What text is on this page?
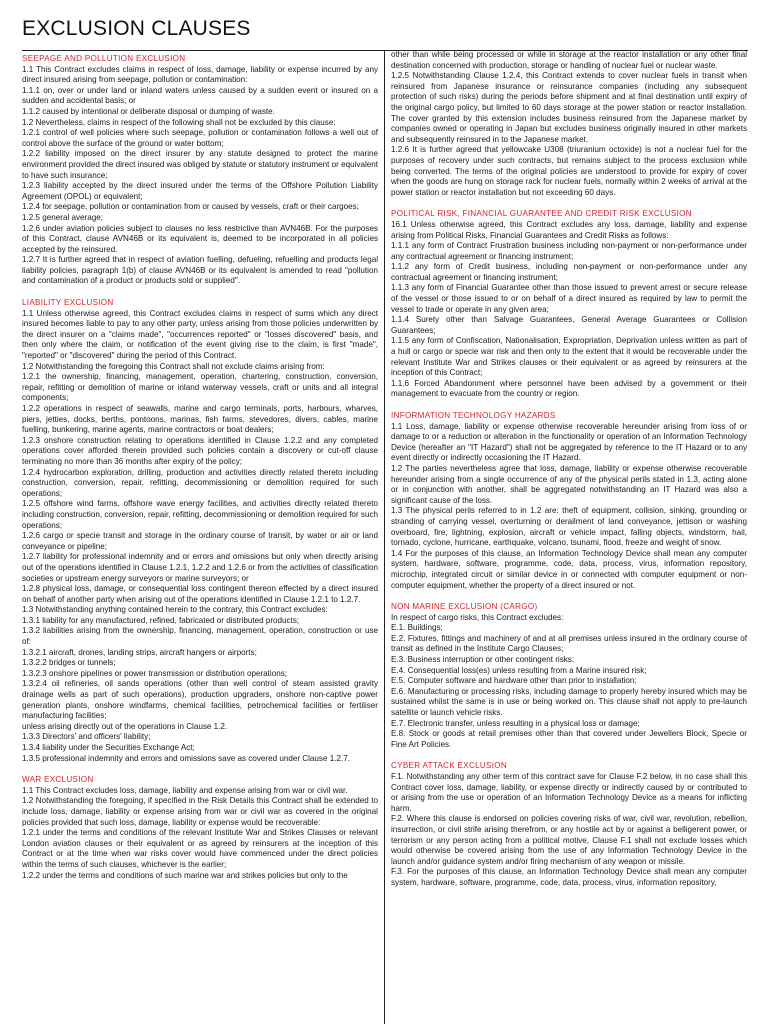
EXCLUSION CLAUSES
SEEPAGE AND POLLUTION EXCLUSION
1.1 This Contract excludes claims in respect of loss, damage, liability or expense incurred by any direct insured arising from seepage, pollution or contamination:
1.1.1 on, over or under land or inland waters unless caused by a sudden event or insured on a sudden and accidental basis; or
1.1.2 caused by intentional or deliberate disposal or dumping of waste.
1.2 Nevertheless, claims in respect of the following shall not be excluded by this clause:
1.2.1 control of well policies where such seepage, pollution or contamination follows a well out of control above the surface of the ground or water bottom;
1.2.2 liability imposed on the direct insurer by any statute designed to protect the marine environment provided the direct insured was obliged by statute or statutory instrument or equivalent to have such insurance;
1.2.3 liability accepted by the direct insured under the terms of the Offshore Pollution Liability Agreement (OPOL) or equivalent;
1.2.4 for seepage, pollution or contamination from or caused by vessels, craft or their cargoes;
1.2.5 general average;
1.2.6 under aviation policies subject to clauses no less restrictive than AVN46B. For the purposes of this Contract, clause AVN46B or its equivalent is, deemed to be incorporated in all policies accepted by the reinsured.
1.2.7 It is further agreed that in respect of aviation fuelling, defueling, refuelling and products legal liability policies, paragraph 1(b) of clause AVN46B or its equivalent is amended to read "pollution and contamination of a product or products sold or supplied".
LIABILITY EXCLUSION
1.1 Unless otherwise agreed, this Contract excludes claims in respect of sums which any direct insured becomes liable to pay to any other party, unless arising from those policies underwritten by the direct insurer on a "claims made", "occurrences reported" or "losses discovered" basis, and then only where the claim, or notification of the event giving rise to the claim, is first "made", "reported" or "discovered" during the period of this Contract.
1.2 Notwithstanding the foregoing this Contract shall not exclude claims arising from:
1.2.1 the ownership, financing, management, operation, chartering, construction, conversion, repair, refitting or demolition of marine or inland waterway vessels, craft or units and all integral components;
1.2.2 operations in respect of seawalls, marine and cargo terminals, ports, harbours, wharves, piers, jetties, docks, berths, pontoons, marinas, fish farms, stevedores, divers, cables, marine fuelling, bunkering, marine agents, marine contractors or boat dealers;
1.2.3 onshore construction relating to operations identified in Clause 1.2.2 and any completed operations cover afforded therein provided such policies contain a discovery or cut-off clause terminating no more than 36 months after expiry of the policy;
1.2.4 hydrocarbon exploration, drilling, production and activities directly related thereto including construction, conversion, repair, refitting, decommissioning or demolition required for such operations;
1.2.5 offshore wind farms, offshore wave energy facilities, and activities directly related thereto including construction, conversion, repair, refitting, decommissioning or demolition required for such operations;
1.2.6 cargo or specie transit and storage in the ordinary course of transit, by water or air or land conveyance or pipeline;
1.2.7 liability for professional indemnity and or errors and omissions but only when directly arising out of the operations identified in Clause 1.2.1, 1.2.2 and 1.2.6 or from the activities of classification societies or upstream energy surveyors or marine surveyors; or
1.2.8 physical loss, damage, or consequential loss contingent thereon effected by a direct insured on behalf of another party when arising out of the operations identified in Clause 1.2.1 to 1.2.7.
1.3 Notwithstanding anything contained herein to the contrary, this Contract excludes:
1.3.1 liability for any manufactured, refined, fabricated or distributed products;
1.3.2 liabilities arising from the ownership, financing, management, operation, construction or use of:
1.3.2.1 aircraft, drones, landing strips, aircraft hangers or airports;
1.3.2.2 bridges or tunnels;
1.3.2.3 onshore pipelines or power transmission or distribution operations;
1.3.2.4 oil refineries, oil sands operations (other than well control of steam assisted gravity drainage wells as part of such operations), production upgraders, onshore non-captive power generation plants, onshore windfarms, chemical facilities, petrochemical facilities or fertiliser manufacturing facilities;
unless arising directly out of the operations in Clause 1.2.
1.3.3 Directors' and officers' liability;
1.3.4 liability under the Securities Exchange Act;
1.3.5 professional indemnity and errors and omissions save as covered under Clause 1.2.7.
WAR EXCLUSION
1.1 This Contract excludes loss, damage, liability and expense arising from war or civil war.
1.2 Notwithstanding the foregoing, if specified in the Risk Details this Contract shall be extended to include loss, damage, liability or expense arising from war or civil war as covered in the original policies provided that such loss, damage, liability or expense would be recoverable:
1.2.1 under the terms and conditions of the relevant Institute War and Strikes Clauses or relevant London aviation clauses or their equivalent or as agreed by reinsurers at the inception of this Contract or at the time when war risks cover would have commenced under the direct policies within the terms of such clauses, whichever is the earlier;
1.2.2 under the terms and conditions of such marine war and strikes policies but only to the
other than while being processed or while in storage at the reactor installation or any other final destination concerned with production, storage or handling of nuclear fuel or nuclear waste.
1.2.5 Notwithstanding Clause 1.2.4, this Contract extends to cover nuclear fuels in transit when reinsured from Japanese insurance or reinsurance companies (including any subsequent protection of such risks) during the periods before shipment and at final destination until expiry of the original cargo policy, but limited to 60 days storage at the power station or reactor installation. The cover granted by this extension includes business reinsured from the Japanese market by companies owned or operating in Japan but excludes business originally insured in other markets and subsequently reinsured in to the Japanese market.
1.2.6 It is further agreed that yellowcake U308 (triuranium octoxide) is not a nuclear fuel for the purposes of recovery under such contracts, but remains subject to the process exclusion while being converted. The terms of the original policies are understood to provide for expiry of cover when the goods are hung on storage rack for nuclear fuels, normally within 2 weeks of arrival at the power station or reactor installation but not exceeding 60 days.
POLITICAL RISK, FINANCIAL GUARANTEE AND CREDIT RISK EXCLUSION
16.1 Unless otherwise agreed, this Contract excludes any loss, damage, liability and expense arising from Political Risks, Financial Guarantees and Credit Risks as follows:
1.1.1 any form of Contract Frustration business including non-payment or non-performance under any contractual agreement or financing instrument;
1.1.2 any form of Credit business, including non-payment or non-performance under any contractual agreement or financing instrument;
1.1.3 any form of Financial Guarantee other than those issued to prevent arrest or secure release of the vessel or those issued to or on behalf of a direct insured as required by law to permit the vessel to trade or operate in any given area;
1.1.4 Surety other than Salvage Guarantees, General Average Guarantees or Collision Guarantees;
1.1.5 any form of Confiscation, Nationalisation, Expropriation, Deprivation unless written as part of a hull or cargo or specie war risk and then only to the extent that it would be recoverable under the relevant Institute War and Strikes clauses or their equivalent or as agreed by reinsurers at the inception of this Contract;
1.1.6 Forced Abandonment where personnel have been advised by a government or their management to evacuate from the country or region.
INFORMATION TECHNOLOGY HAZARDS
1.1 Loss, damage, liability or expense otherwise recoverable hereunder arising from loss of or damage to or a reduction or alteration in the functionality or operation of an Information Technology Device (hereafter an "IT Hazard") shall not be aggregated by reference to the IT Hazard or to any event directly or indirectly occasioning the IT Hazard.
1.2 The parties nevertheless agree that loss, damage, liability or expense otherwise recoverable hereunder arising from a single occurrence of any of the physical perils stated in 1.3, acting alone or in conjunction with another, shall be aggregated notwithstanding an IT Hazard was also a significant cause of the loss.
1.3 The physical perils referred to in 1.2 are: theft of equipment, collision, sinking, grounding or stranding of carrying vessel, overturning or derailment of land conveyance, jettison or washing overboard, fire, lightning, explosion, aircraft or vehicle impact, falling objects, windstorm, hail, tornado, cyclone, hurricane, earthquake, volcano, tsunami, flood, freeze and weight of snow.
1.4 For the purposes of this clause, an Information Technology Device shall mean any computer system, hardware, software, programme, code, data, process, virus, information repository, microchip, integrated circuit or similar device in or connected with computer equipment or non-computer equipment, whether the property of a direct insured or not.
NON MARINE EXCLUSION (CARGO)
In respect of cargo risks, this Contract excludes:
E.1. Buildings;
E.2. Fixtures, fittings and machinery of and at all premises unless insured in the ordinary course of transit as defined in the Institute Cargo Clauses;
E.3. Business interruption or other contingent risks;
E.4. Consequential loss(es) unless resulting from a Marine insured risk;
E.5. Computer software and hardware other than prior to installation;
E.6. Manufacturing or processing risks, including damage to properly hereby insured which may be sustained whilst the same is in use or being worked on. This clause shall not apply to pre-launch satellite or launch vehicle risks.
E.7. Electronic transfer, unless resulting in a physical loss or damage;
E.8. Stock or goods at retail premises other than that covered under Jewellers Block, Specie or Fine Art Policies.
CYBER ATTACK EXCLUSION
F.1. Notwithstanding any other term of this contract save for Clause F.2 below, in no case shall this Contract cover loss, damage, liability, or expense directly or indirectly caused by or contributed to or arising from the use or operation of an Information Technology Device as a means for inflicting harm.
F.2. Where this clause is endorsed on policies covering risks of war, civil war, revolution, rebellion, insurrection, or civil strife arising therefrom, or any hostile act by or against a belligerent power, or terrorism or any person acting from a political motive, Clause F.1 shall not exclude losses which would otherwise be covered arising from the use of any Information Technology Device in the launch and/or guidance system and/or firing mechanism of any weapon or missile.
F.3. For the purposes of this clause, an Information Technology Device shall mean any computer system, hardware, software, programme, code, data, process, virus, information repository,
